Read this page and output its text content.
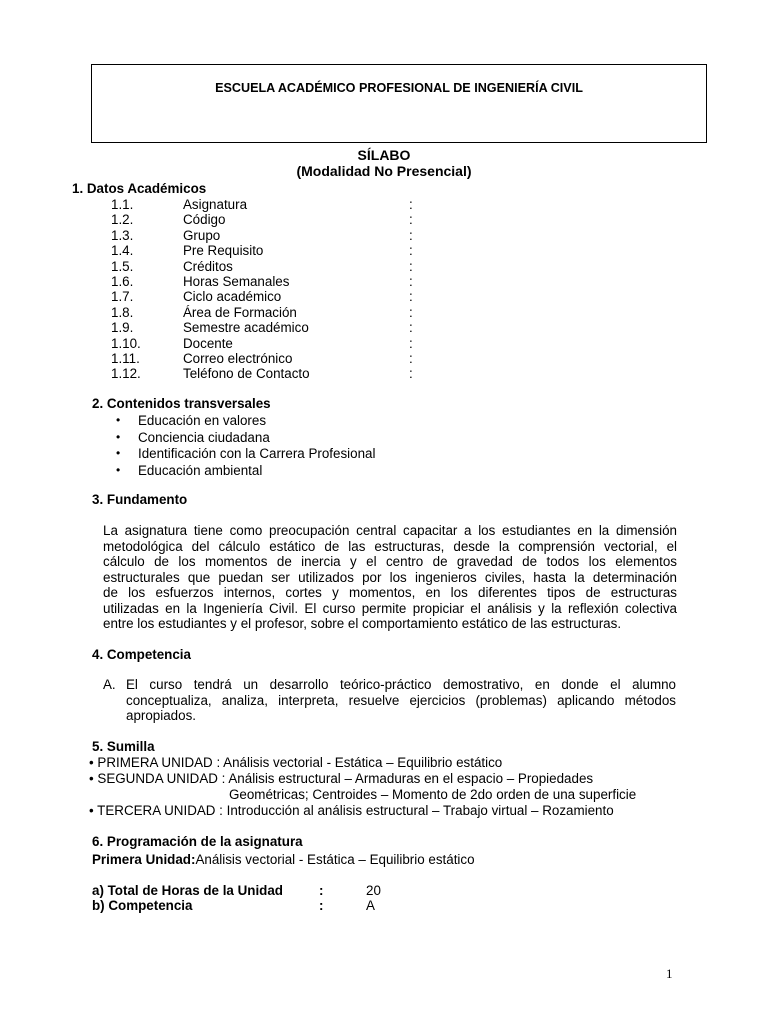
ESCUELA ACADÉMICO PROFESIONAL DE INGENIERÍA CIVIL
SÍLABO
(Modalidad No Presencial)
1. Datos Académicos
1.1.	Asignatura	:
1.2.	Código	:
1.3.	Grupo	:
1.4.	Pre Requisito	:
1.5.	Créditos	:
1.6.	Horas Semanales	:
1.7.	Ciclo académico	:
1.8.	Área de Formación	:
1.9.	Semestre académico	:
1.10.	Docente	:
1.11.	Correo electrónico	:
1.12.	Teléfono de Contacto	:
2. Contenidos transversales
• Educación en valores
• Conciencia ciudadana
• Identificación con la Carrera Profesional
• Educación ambiental
3. Fundamento
La asignatura tiene como preocupación central capacitar a los estudiantes en la dimensión
metodológica del cálculo estático de las estructuras, desde la comprensión vectorial, el
cálculo de los momentos de inercia y el centro de gravedad de todos los elementos
estructurales que puedan ser utilizados por los ingenieros civiles, hasta la determinación
de los esfuerzos internos, cortes y momentos, en los diferentes tipos de estructuras
utilizadas en la Ingeniería Civil. El curso permite propiciar el análisis y la reflexión colectiva
entre los estudiantes y el profesor, sobre el comportamiento estático de las estructuras.
4. Competencia
A. El curso tendrá un desarrollo teórico-práctico demostrativo, en donde el alumno
conceptualiza, analiza, interpreta, resuelve ejercicios (problemas) aplicando métodos
apropiados.
5. Sumilla
• PRIMERA UNIDAD : Análisis vectorial - Estática – Equilibrio estático
• SEGUNDA UNIDAD : Análisis estructural – Armaduras en el espacio – Propiedades
Geométricas; Centroides – Momento de 2do orden de una superficie
• TERCERA UNIDAD : Introducción al análisis estructural – Trabajo virtual – Rozamiento
6. Programación de la asignatura
Primera Unidad:Análisis vectorial - Estática – Equilibrio estático
a) Total de Horas de la Unidad	:	20
b) Competencia	:	A
1
